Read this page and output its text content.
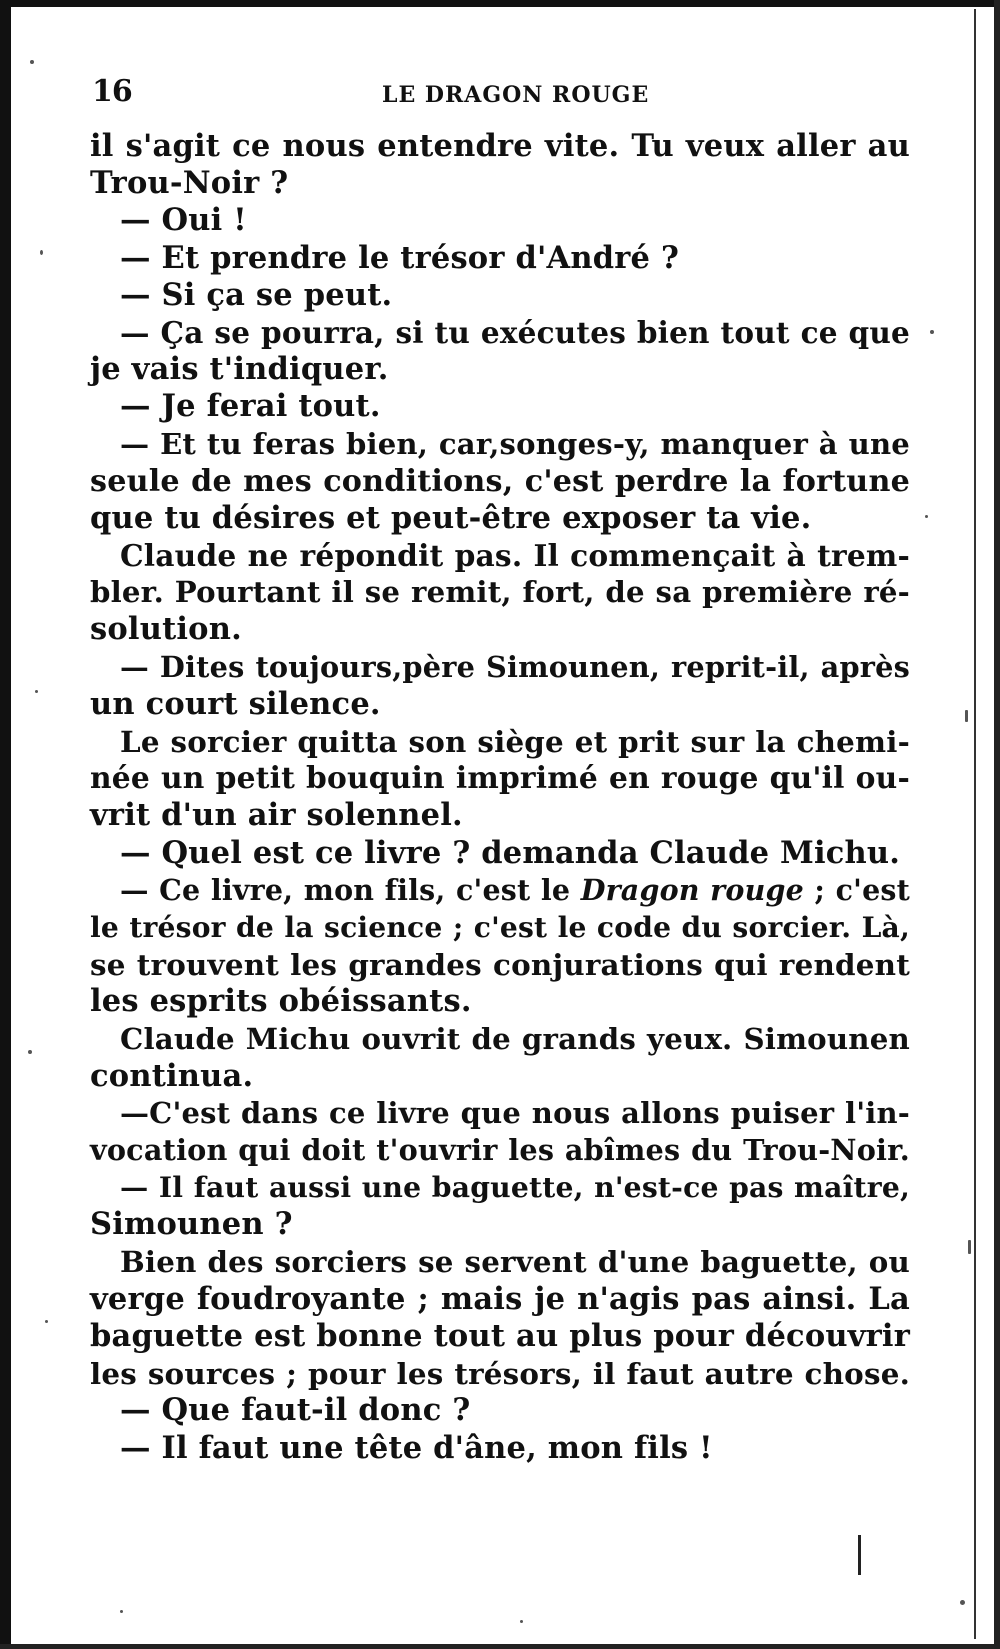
16	LE DRAGON ROUGE
il s'agit ce nous entendre vite. Tu veux aller au
Trou-Noir ?
— Oui !
— Et prendre le trésor d'André ?
— Si ça se peut.
— Ça se pourra, si tu exécutes bien tout ce que
je vais t'indiquer.
— Je ferai tout.
— Et tu feras bien, car,songes-y, manquer à une
seule de mes conditions, c'est perdre la fortune
que tu désires et peut-être exposer ta vie.
Claude ne répondit pas. Il commençait à trem-
bler. Pourtant il se remit, fort, de sa première ré-
solution.
— Dites toujours,père Simounen, reprit-il, après
un court silence.
Le sorcier quitta son siège et prit sur la chemi-
née un petit bouquin imprimé en rouge qu'il ou-
vrit d'un air solennel.
— Quel est ce livre ? demanda Claude Michu.
— Ce livre, mon fils, c'est le Dragon rouge ; c'est
le trésor de la science ; c'est le code du sorcier. Là,
se trouvent les grandes conjurations qui rendent
les esprits obéissants.
Claude Michu ouvrit de grands yeux. Simounen
continua.
—C'est dans ce livre que nous allons puiser l'in-
vocation qui doit t'ouvrir les abîmes du Trou-Noir.
— Il faut aussi une baguette, n'est-ce pas maître,
Simounen ?
Bien des sorciers se servent d'une baguette, ou
verge foudroyante ; mais je n'agis pas ainsi. La
baguette est bonne tout au plus pour découvrir
les sources ; pour les trésors, il faut autre chose.
— Que faut-il donc ?
— Il faut une tête d'âne, mon fils !
